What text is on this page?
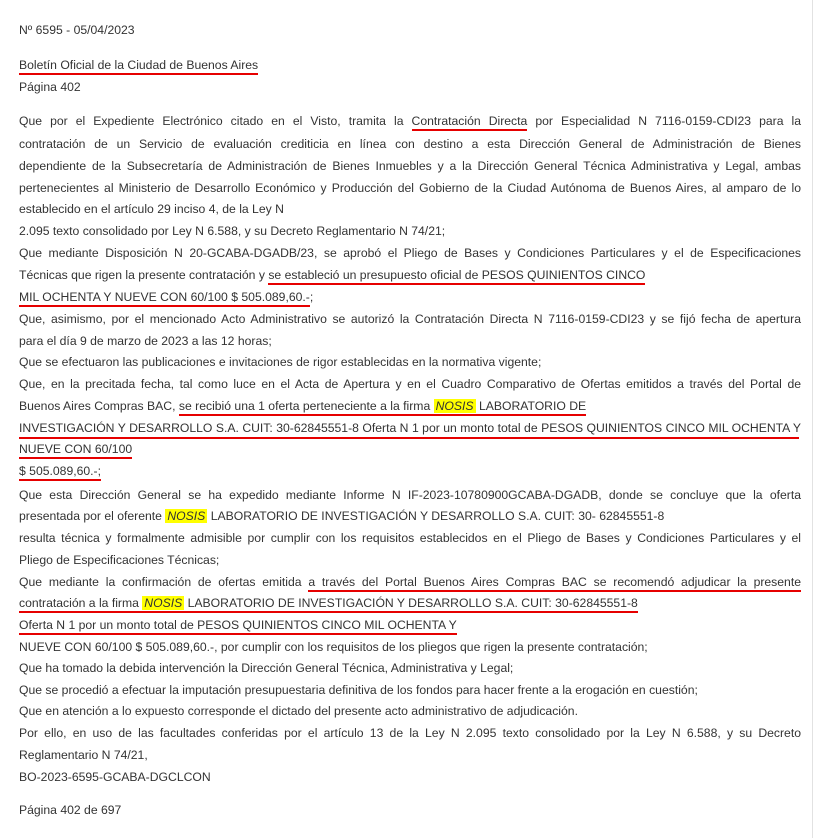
Nº 6595 - 05/04/2023
Boletín Oficial de la Ciudad de Buenos Aires
Página 402
Que por el Expediente Electrónico citado en el Visto, tramita la Contratación Directa por Especialidad N 7116-0159-CDI23 para la
contratación de un Servicio de evaluación crediticia en línea con destino a esta Dirección General de Administración de Bienes
dependiente de la Subsecretaría de Administración de Bienes Inmuebles y a la Dirección General Técnica Administrativa y Legal, ambas
pertenecientes al Ministerio de Desarrollo Económico y Producción del Gobierno de la Ciudad Autónoma de Buenos Aires, al amparo de lo
establecido en el artículo 29 inciso 4, de la Ley N
2.095 texto consolidado por Ley N 6.588, y su Decreto Reglamentario N 74/21;
Que mediante Disposición N 20-GCABA-DGADB/23, se aprobó el Pliego de Bases y Condiciones Particulares y el de Especificaciones
Técnicas que rigen la presente contratación y se estableció un presupuesto oficial de PESOS QUINIENTOS CINCO
MIL OCHENTA Y NUEVE CON 60/100 $ 505.089,60.-;
Que, asimismo, por el mencionado Acto Administrativo se autorizó la Contratación Directa N 7116-0159-CDI23 y se fijó fecha de apertura
para el día 9 de marzo de 2023 a las 12 horas;
Que se efectuaron las publicaciones e invitaciones de rigor establecidas en la normativa vigente;
Que, en la precitada fecha, tal como luce en el Acta de Apertura y en el Cuadro Comparativo de Ofertas emitidos a través del Portal de
Buenos Aires Compras BAC, se recibió una 1 oferta perteneciente a la firma NOSIS LABORATORIO DE
INVESTIGACIÓN Y DESARROLLO S.A. CUIT: 30-62845551-8 Oferta N 1 por un monto total de PESOS QUINIENTOS CINCO MIL OCHENTA Y
NUEVE CON 60/100
$ 505.089,60.-;
Que esta Dirección General se ha expedido mediante Informe N IF-2023-10780900GCABA-DGADB, donde se concluye que la oferta
presentada por el oferente NOSIS LABORATORIO DE INVESTIGACIÓN Y DESARROLLO S.A. CUIT: 30- 62845551-8
resulta técnica y formalmente admisible por cumplir con los requisitos establecidos en el Pliego de Bases y Condiciones Particulares y el
Pliego de Especificaciones Técnicas;
Que mediante la confirmación de ofertas emitida a través del Portal Buenos Aires Compras BAC se recomendó adjudicar la presente
contratación a la firma NOSIS LABORATORIO DE INVESTIGACIÓN Y DESARROLLO S.A. CUIT: 30-62845551-8
Oferta N 1 por un monto total de PESOS QUINIENTOS CINCO MIL OCHENTA Y
NUEVE CON 60/100 $ 505.089,60.-, por cumplir con los requisitos de los pliegos que rigen la presente contratación;
Que ha tomado la debida intervención la Dirección General Técnica, Administrativa y Legal;
Que se procedió a efectuar la imputación presupuestaria definitiva de los fondos para hacer frente a la erogación en cuestión;
Que en atención a lo expuesto corresponde el dictado del presente acto administrativo de adjudicación.
Por ello, en uso de las facultades conferidas por el artículo 13 de la Ley N 2.095 texto consolidado por la Ley N 6.588, y su Decreto
Reglamentario N 74/21,
BO-2023-6595-GCABA-DGCLCON
Página 402 de 697
